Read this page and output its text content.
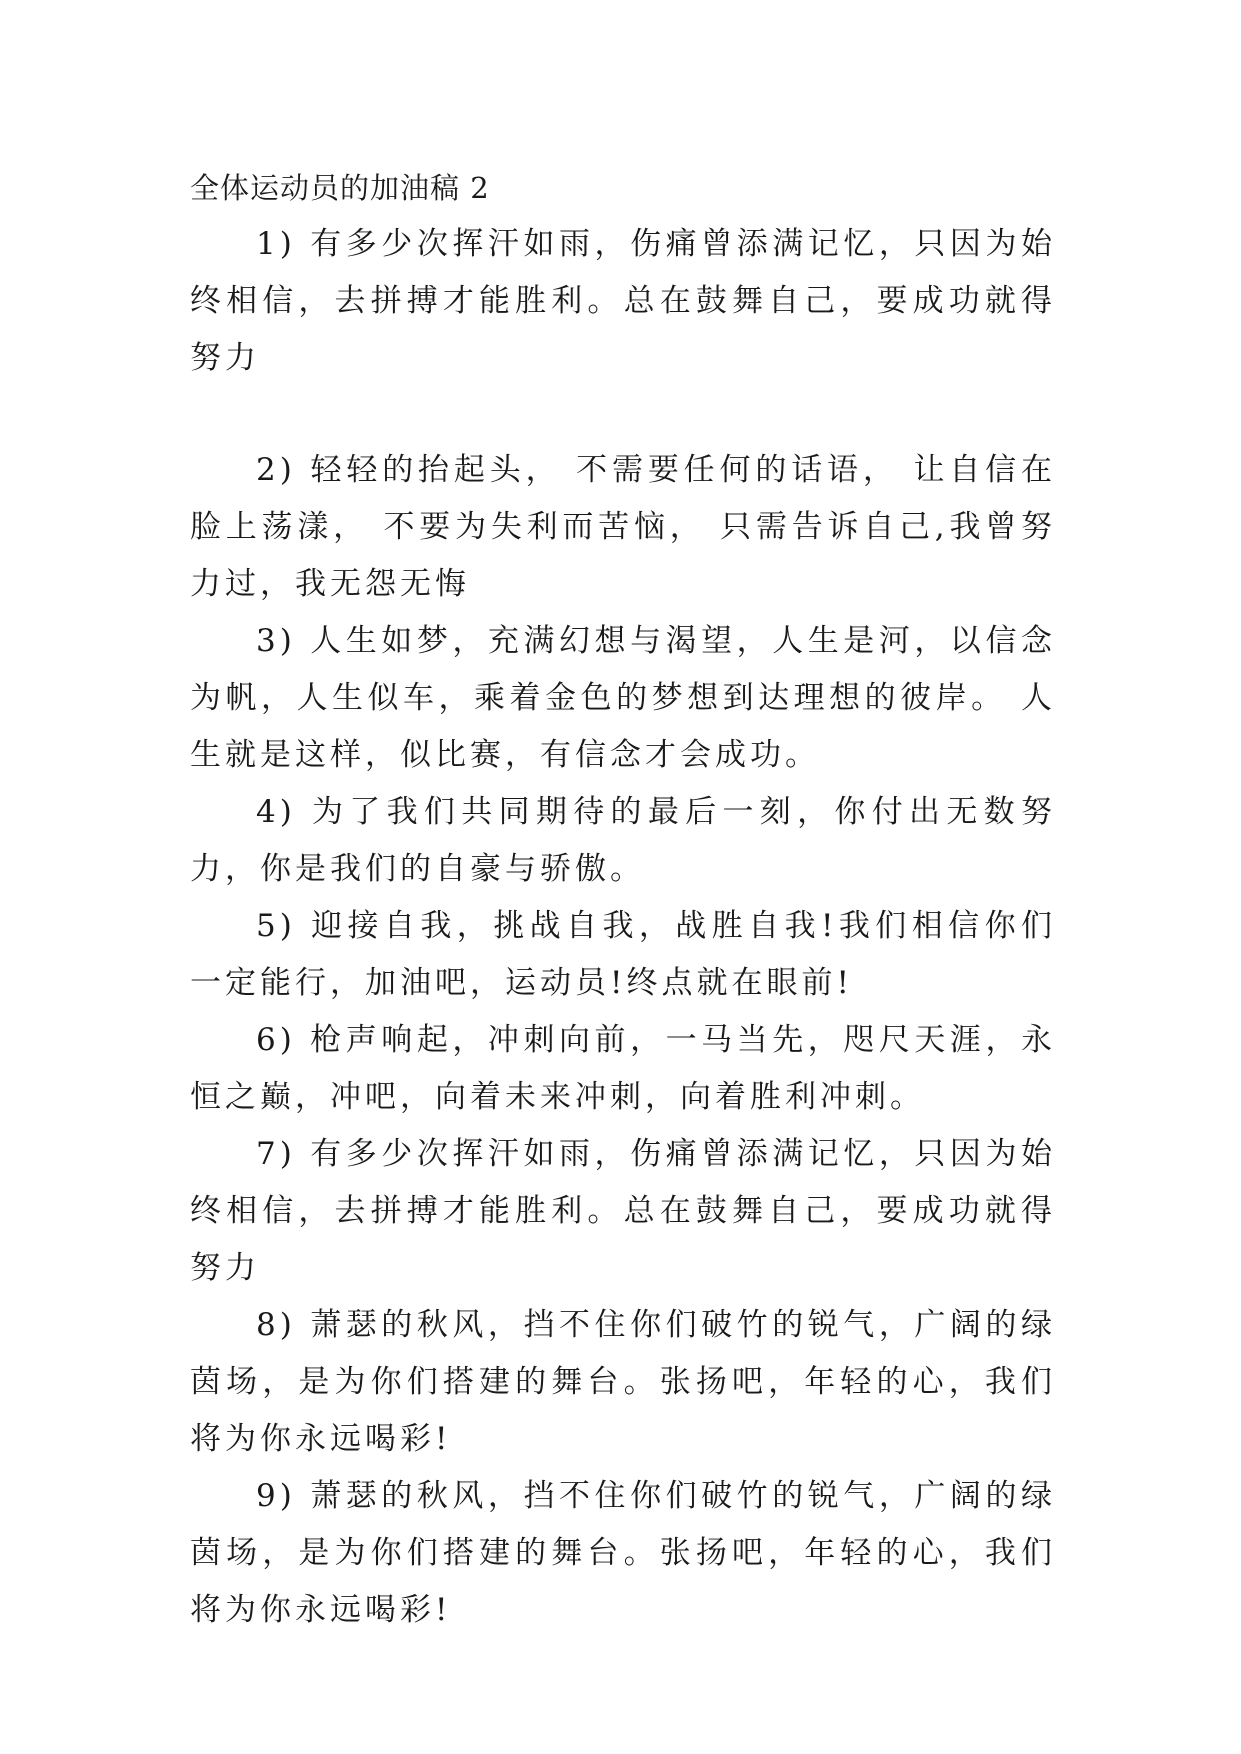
全体运动员的加油稿 2

1) 有多少次挥汗如雨，伤痛曾添满记忆，只因为始终相信，去拼搏才能胜利。总在鼓舞自己，要成功就得努力

2) 轻轻的抬起头， 不需要任何的话语， 让自信在脸上荡漾， 不要为失利而苦恼， 只需告诉自己,我曾努力过，我无怨无悔

3) 人生如梦，充满幻想与渴望，人生是河，以信念为帆，人生似车，乘着金色的梦想到达理想的彼岸。 人生就是这样，似比赛，有信念才会成功。

4) 为了我们共同期待的最后一刻，你付出无数努力，你是我们的自豪与骄傲。

5) 迎接自我，挑战自我，战胜自我!我们相信你们一定能行，加油吧，运动员!终点就在眼前!

6) 枪声响起，冲刺向前，一马当先，咫尺天涯，永恒之巅，冲吧，向着未来冲刺，向着胜利冲刺。

7) 有多少次挥汗如雨，伤痛曾添满记忆，只因为始终相信，去拼搏才能胜利。总在鼓舞自己，要成功就得努力

8) 萧瑟的秋风，挡不住你们破竹的锐气，广阔的绿茵场，是为你们搭建的舞台。张扬吧，年轻的心，我们将为你永远喝彩!

9) 萧瑟的秋风，挡不住你们破竹的锐气，广阔的绿茵场，是为你们搭建的舞台。张扬吧，年轻的心，我们将为你永远喝彩!
